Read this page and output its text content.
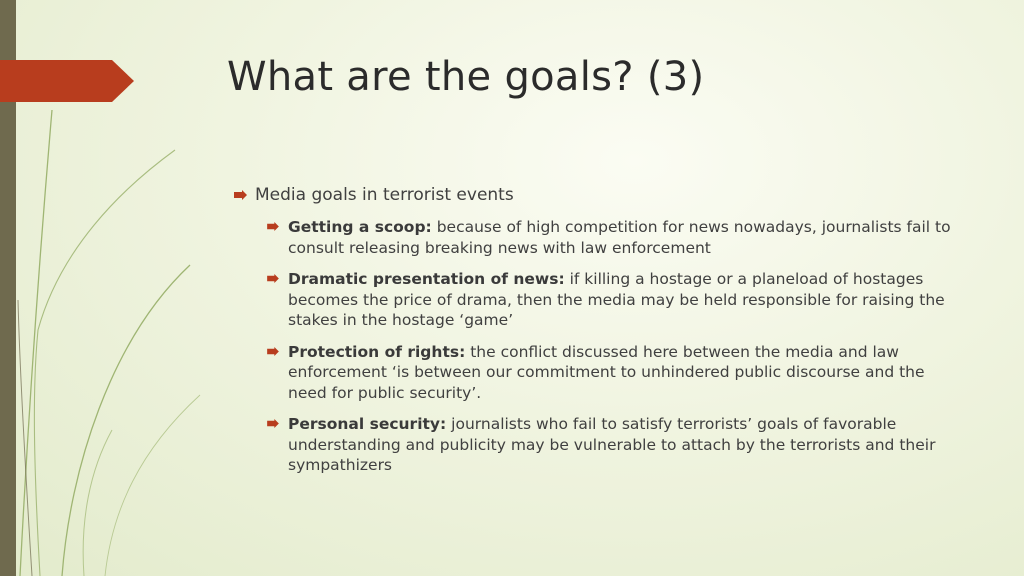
What are the goals? (3)
Media goals in terrorist events
Getting a scoop: because of high competition for news nowadays, journalists fail to consult releasing breaking news with law enforcement
Dramatic presentation of news: if killing a hostage or a planeload of hostages becomes the price of drama, then the media may be held responsible for raising the stakes in the hostage ‘game’
Protection of rights: the conflict discussed here between the media and law enforcement ‘is between our commitment to unhindered public discourse and the need for public security’.
Personal security: journalists who fail to satisfy terrorists’ goals of favorable understanding and publicity may be vulnerable to attach by the terrorists and their sympathizers
